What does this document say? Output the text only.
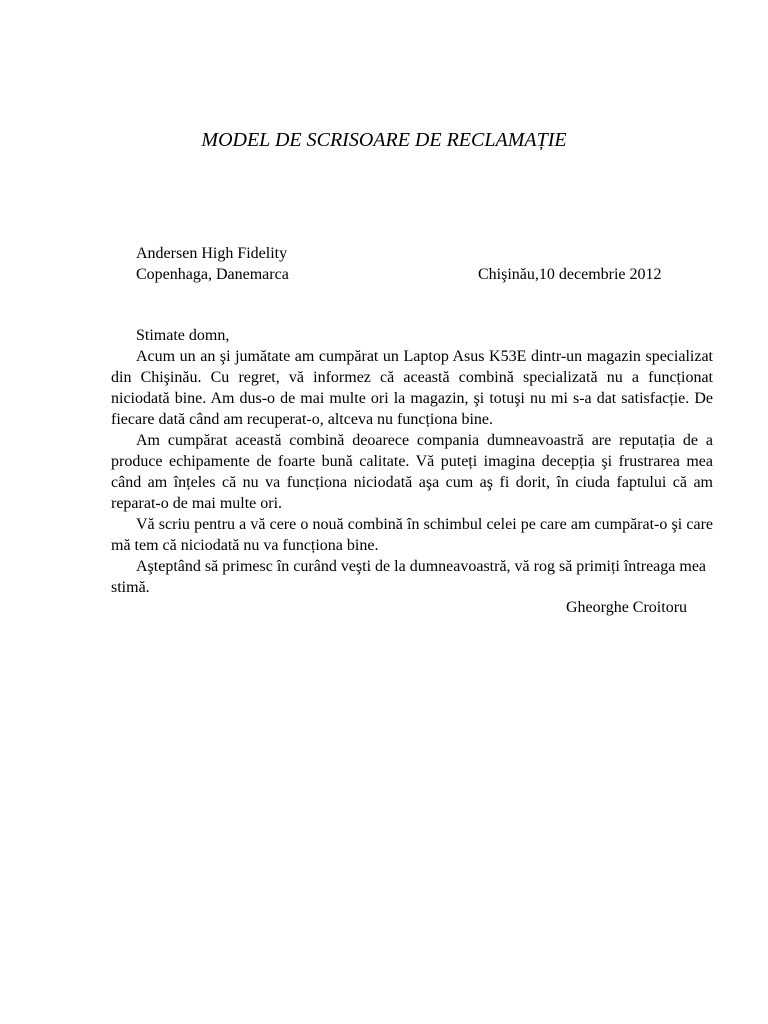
MODEL DE SCRISOARE DE RECLAMAȚIE
Andersen High Fidelity
Copenhaga, Danemarca	Chişinău,10 decembrie 2012
Stimate domn,

Acum un an şi jumătate am cumpărat un Laptop Asus K53E dintr-un magazin specializat din Chişinău. Cu regret, vă informez că această combină specializată nu a funcționat niciodată bine. Am dus-o de mai multe ori la magazin, şi totuşi nu mi s-a dat satisfacție. De fiecare dată când am recuperat-o, altceva nu funcționa bine.

Am cumpărat această combină deoarece compania dumneavoastră are reputația de a produce echipamente de foarte bună calitate. Vă puteți imagina decepția şi frustrarea mea când am înțeles că nu va funcționa niciodată aşa cum aş fi dorit, în ciuda faptului că am reparat-o de mai multe ori.

Vă scriu pentru a vă cere o nouă combină în schimbul celei pe care am cumpărat-o şi care mă tem că niciodată nu va funcționa bine.

Aşteptând să primesc în curând veşti de la dumneavoastră, vă rog să primiți întreaga mea stimă.

Gheorghe Croitoru
